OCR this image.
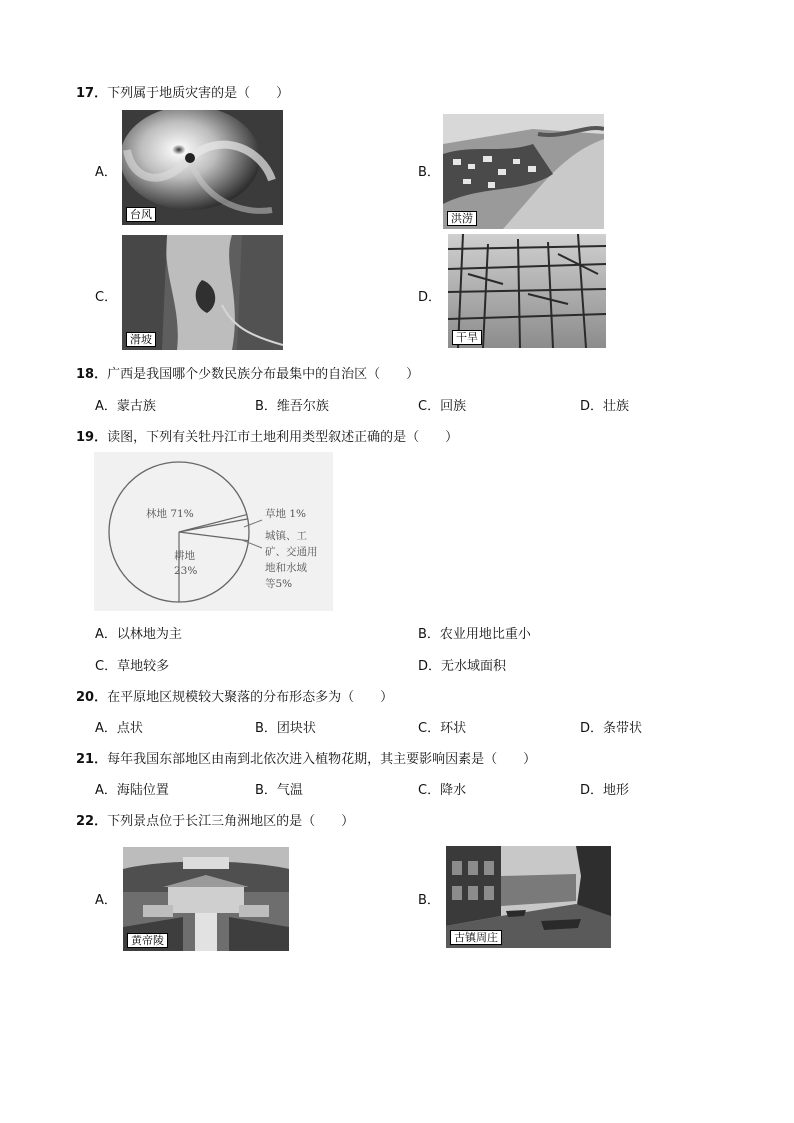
17．下列属于地质灾害的是（　　）
A．
台风
B．
洪涝
C．
滑坡
D．
干旱
18．广西是我国哪个少数民族分布最集中的自治区（　　）
A．蒙古族	B．维吾尔族	C．回族	D．壮族
19．读图，下列有关牡丹江市土地利用类型叙述正确的是（　　）
林地 71%
耕地
23%
草地 1%
城镇、工
矿、交通用
地和水域
等5%
A．以林地为主	B．农业用地比重小
C．草地较多	D．无水域面积
20．在平原地区规模较大聚落的分布形态多为（　　）
A．点状	B．团块状	C．环状	D．条带状
21．每年我国东部地区由南到北依次进入植物花期，其主要影响因素是（　　）
A．海陆位置	B．气温	C．降水	D．地形
22．下列景点位于长江三角洲地区的是（　　）
A．
黄帝陵
B．
古镇周庄
